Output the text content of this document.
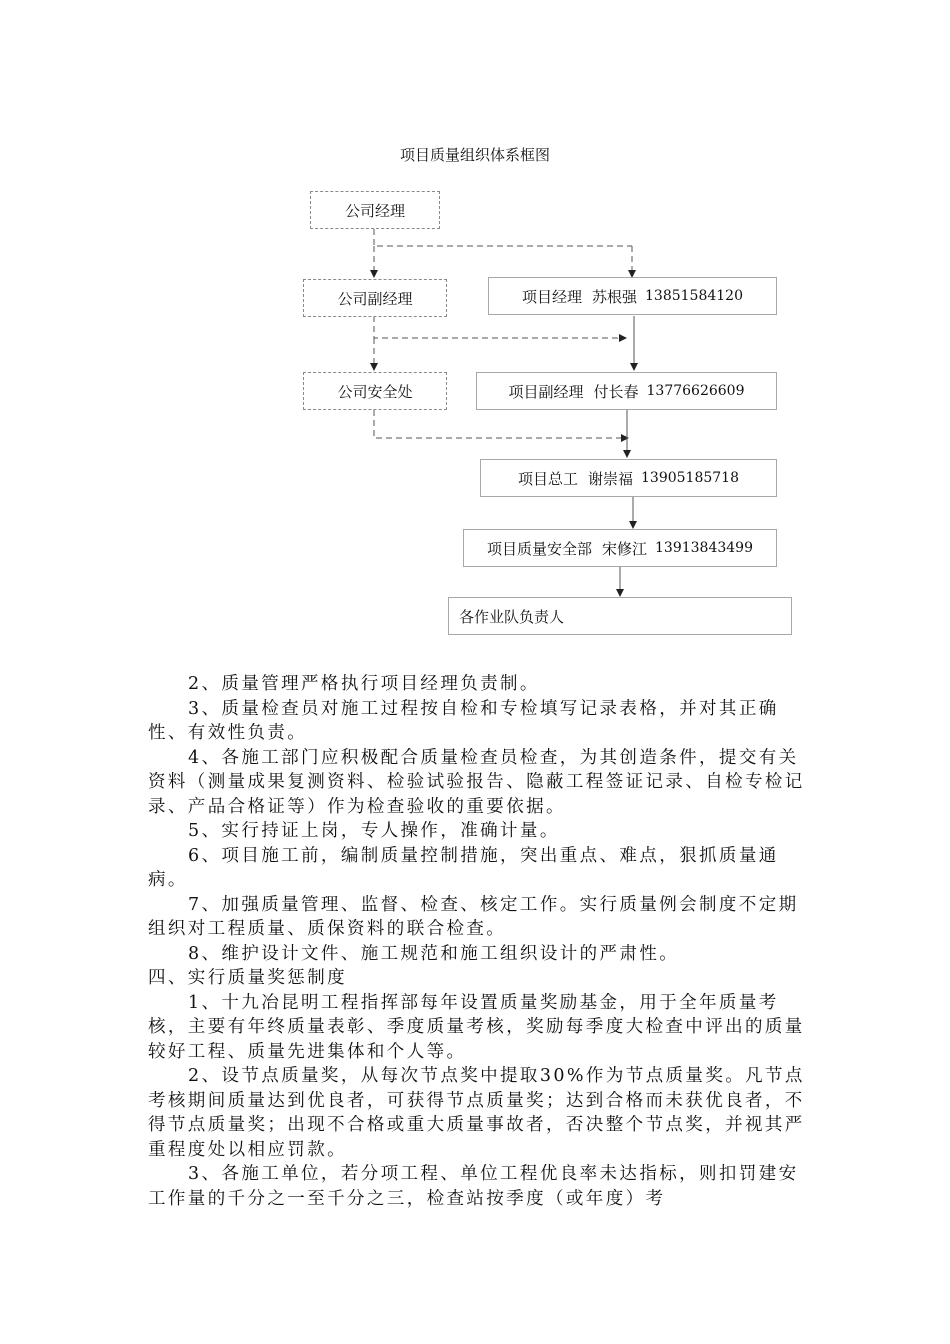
项目质量组织体系框图
公司经理
公司副经理	项目经理 苏根强 13851584120
公司安全处	项目副经理 付长春 13776626609
项目总工 谢崇福 13905185718
项目质量安全部 宋修江 13913843499
各作业队负责人

2、质量管理严格执行项目经理负责制。

3、质量检查员对施工过程按自检和专检填写记录表格，并对其正确性、有效性负责。

4、各施工部门应积极配合质量检查员检查，为其创造条件，提交有关资料（测量成果复测资料、检验试验报告、隐蔽工程签证记录、自检专检记录、产品合格证等）作为检查验收的重要依据。

5、实行持证上岗，专人操作，准确计量。

6、项目施工前，编制质量控制措施，突出重点、难点，狠抓质量通病。

7、加强质量管理、监督、检查、核定工作。实行质量例会制度不定期组织对工程质量、质保资料的联合检查。

8、维护设计文件、施工规范和施工组织设计的严肃性。

四、实行质量奖惩制度

1、十九冶昆明工程指挥部每年设置质量奖励基金，用于全年质量考核，主要有年终质量表彰、季度质量考核，奖励每季度大检查中评出的质量较好工程、质量先进集体和个人等。

2、设节点质量奖，从每次节点奖中提取30%作为节点质量奖。凡节点考核期间质量达到优良者，可获得节点质量奖；达到合格而未获优良者，不得节点质量奖；出现不合格或重大质量事故者，否决整个节点奖，并视其严重程度处以相应罚款。

3、各施工单位，若分项工程、单位工程优良率未达指标，则扣罚建安工作量的千分之一至千分之三，检查站按季度（或年度）考
